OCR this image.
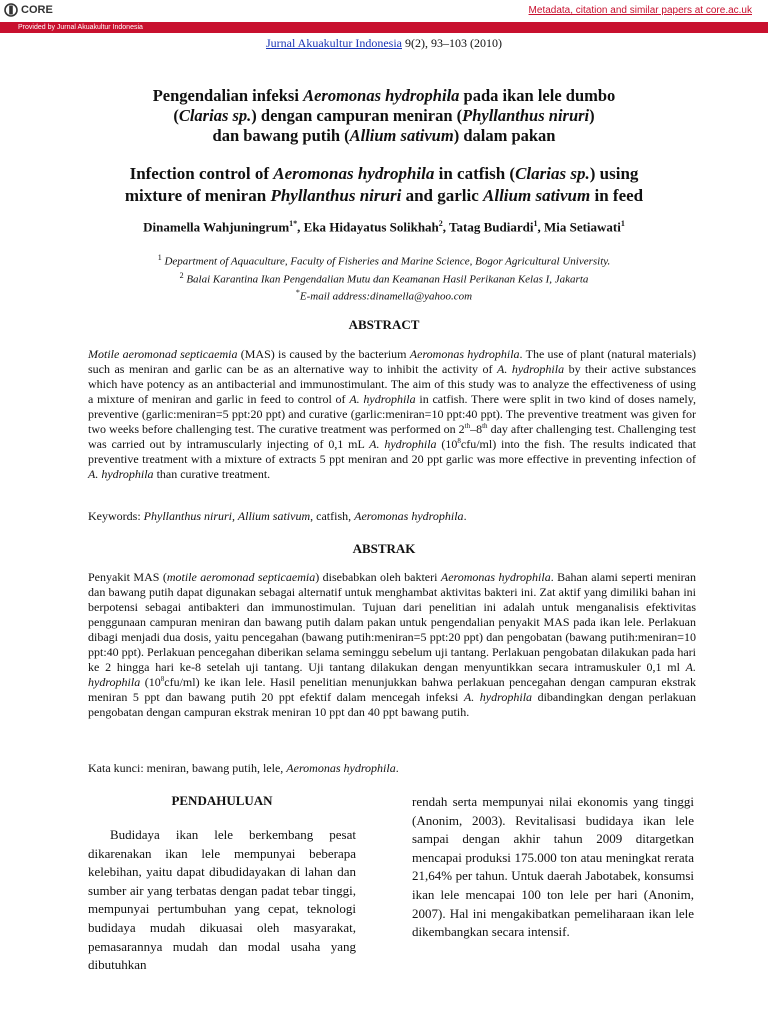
CORE	Metadata, citation and similar papers at core.ac.uk
Provided by Jurnal Akuakultur Indonesia
Jurnal Akuakultur Indonesia 9(2), 93–103 (2010)
Pengendalian infeksi Aeromonas hydrophila pada ikan lele dumbo
(Clarias sp.) dengan campuran meniran (Phyllanthus niruri)
dan bawang putih (Allium sativum) dalam pakan
Infection control of Aeromonas hydrophila in catfish (Clarias sp.) using
mixture of meniran Phyllanthus niruri and garlic Allium sativum in feed
Dinamella Wahjuningrum$^{1*}$, Eka Hidayatus Solikhah$^2$, Tatag Budiardi$^1$, Mia Setiawati$^1$
$^1$ Department of Aquaculture, Faculty of Fisheries and Marine Science, Bogor Agricultural University.
$^2$ Balai Karantina Ikan Pengendalian Mutu dan Keamanan Hasil Perikanan Kelas I, Jakarta
*E-mail address:dinamella@yahoo.com
ABSTRACT

Motile aeromonad septicaemia (MAS) is caused by the bacterium Aeromonas hydrophila. The use of plant (natural materials) such as meniran and garlic can be as an alternative way to inhibit the activity of A. hydrophila by their active substances which have potency as an antibacterial and immunostimulant. The aim of this study was to analyze the effectiveness of using a mixture of meniran and garlic in feed to control of A. hydrophila in catfish. There were split in two kind of doses namely, preventive (garlic:meniran=5 ppt:20 ppt) and curative (garlic:meniran=10 ppt:40 ppt). The preventive treatment was given for two weeks before challenging test. The curative treatment was performed on 2th–8th day after challenging test. Challenging test was carried out by intramuscularly injecting of 0,1 mL A. hydrophila $(10^8cfu/ml)$ into the fish. The results indicated that preventive treatment with a mixture of extracts 5 ppt meniran and 20 ppt garlic was more effective in preventing infection of A. hydrophila than curative treatment.

Keywords: Phyllanthus niruri, Allium sativum, catfish, Aeromonas hydrophila.

ABSTRAK

Penyakit MAS (motile aeromonad septicaemia) disebabkan oleh bakteri Aeromonas hydrophila. Bahan alami seperti meniran dan bawang putih dapat digunakan sebagai alternatif untuk menghambat aktivitas bakteri ini. Zat aktif yang dimiliki bahan ini berpotensi sebagai antibakteri dan immunostimulan. Tujuan dari penelitian ini adalah untuk menganalisis efektivitas penggunaan campuran meniran dan bawang putih dalam pakan untuk pengendalian penyakit MAS pada ikan lele. Perlakuan dibagi menjadi dua dosis, yaitu pencegahan (bawang putih:meniran=5 ppt:20 ppt) dan pengobatan (bawang putih:meniran=10 ppt:40 ppt). Perlakuan pencegahan diberikan selama seminggu sebelum uji tantang. Perlakuan pengobatan dilakukan pada hari ke 2 hingga hari ke-8 setelah uji tantang. Uji tantang dilakukan dengan menyuntikkan secara intramuskuler 0,1 ml A. hydrophila $(10^8cfu/ml)$ ke ikan lele. Hasil penelitian menunjukkan bahwa perlakuan pencegahan dengan campuran ekstrak meniran 5 ppt dan bawang putih 20 ppt efektif dalam mencegah infeksi A. hydrophila dibandingkan dengan perlakuan pengobatan dengan campuran ekstrak meniran 10 ppt dan 40 ppt bawang putih.

Kata kunci: meniran, bawang putih, lele, Aeromonas hydrophila.

PENDAHULUAN

Budidaya ikan lele berkembang pesat dikarenakan ikan lele mempunyai beberapa kelebihan, yaitu dapat dibudidayakan di lahan dan sumber air yang terbatas dengan padat tebar tinggi, mempunyai pertumbuhan yang cepat, teknologi budidaya mudah dikuasai oleh masyarakat, pemasarannya mudah dan modal usaha yang dibutuhkan

rendah serta mempunyai nilai ekonomis yang tinggi (Anonim, 2003). Revitalisasi budidaya ikan lele sampai dengan akhir tahun 2009 ditargetkan mencapai produksi 175.000 ton atau meningkat rerata 21,64% per tahun. Untuk daerah Jabotabek, konsumsi ikan lele mencapai 100 ton lele per hari (Anonim, 2007). Hal ini mengakibatkan pemeliharaan ikan lele dikembangkan secara intensif.
